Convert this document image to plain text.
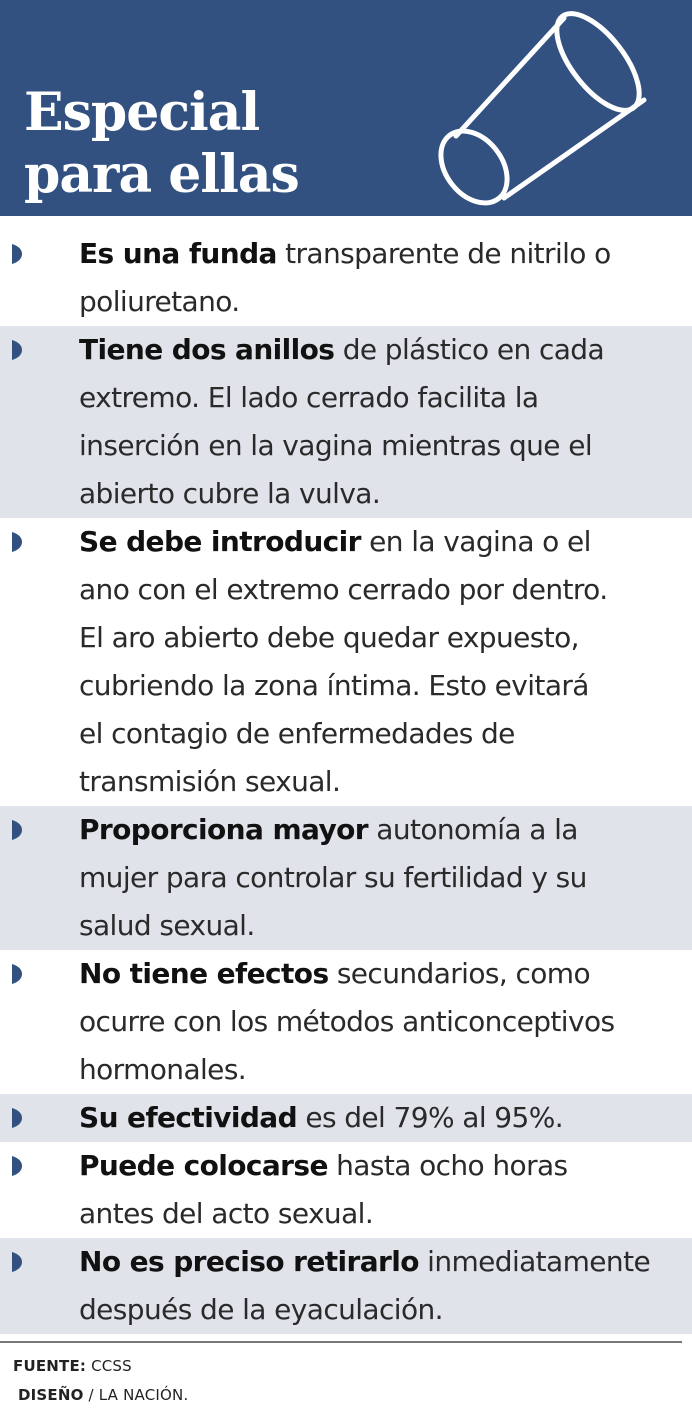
Especial
para ellas
Es una funda transparente de nitrilo o
poliuretano.
Tiene dos anillos de plástico en cada
extremo. El lado cerrado facilita la
inserción en la vagina mientras que el
abierto cubre la vulva.
Se debe introducir en la vagina o el
ano con el extremo cerrado por dentro.
El aro abierto debe quedar expuesto,
cubriendo la zona íntima. Esto evitará
el contagio de enfermedades de
transmisión sexual.
Proporciona mayor autonomía a la
mujer para controlar su fertilidad y su
salud sexual.
No tiene efectos secundarios, como
ocurre con los métodos anticonceptivos
hormonales.
Su efectividad es del 79% al 95%.
Puede colocarse hasta ocho horas
antes del acto sexual.
No es preciso retirarlo inmediatamente
después de la eyaculación.
FUENTE: CCSS
DISEÑO / LA NACIÓN.
